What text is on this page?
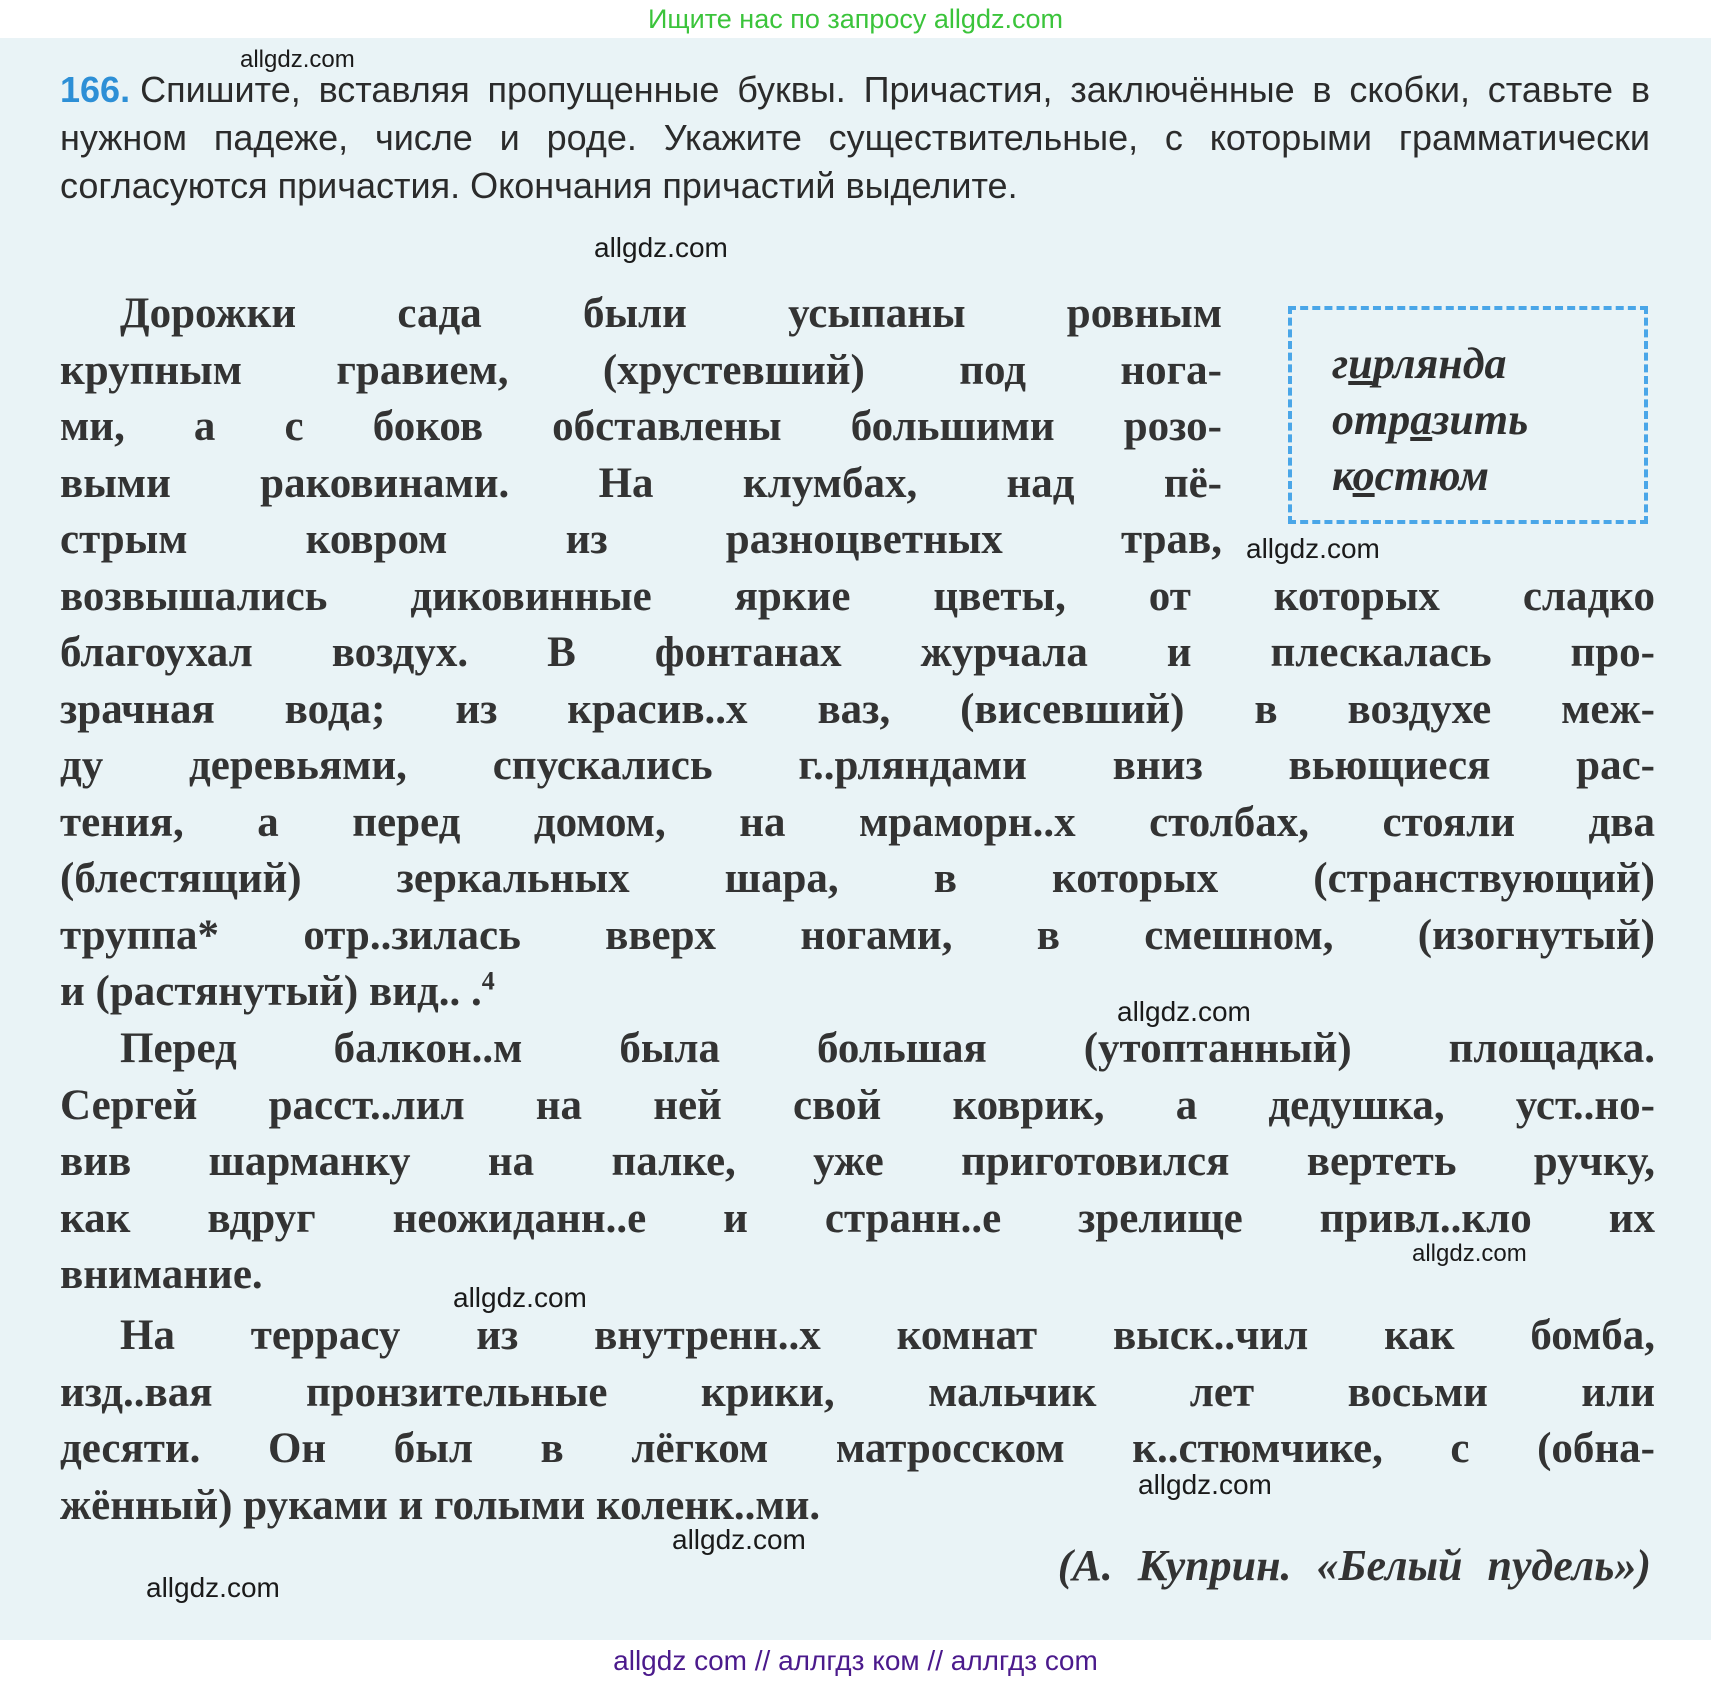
Ищите нас по запросу allgdz.com
166. Спишите, вставляя пропущенные буквы. Причастия, заключённые в скобки, ставьте в нужном падеже, числе и роде. Укажите существительные, с которыми грамматически согласуются причастия. Окончания причастий выделите.
Дорожки сада были усыпаны ровным
крупным гравием, (хрустевший) под нога-
ми, а с боков обставлены большими розо-
выми раковинами. На клумбах, над пё-
стрым ковром из разноцветных трав,
возвышались диковинные яркие цветы, от которых сладко
благоухал воздух. В фонтанах журчала и плескалась про-
зрачная вода; из красив..х ваз, (висевший) в воздухе меж-
ду деревьями, спускались г..рляндами вниз вьющиеся рас-
тения, а перед домом, на мраморн..х столбах, стояли два
(блестящий) зеркальных шара, в которых (странствующий)
труппа* отр..зилась вверх ногами, в смешном, (изогнутый)
и (растянутый) вид.. .$^4$
гирлянда
отразить
костюм
Перед балкон..м была большая (утоптанный) площадка.
Сергей расст..лил на ней свой коврик, а дедушка, уст..но-
вив шарманку на палке, уже приготовился вертеть ручку,
как вдруг неожиданн..е и странн..е зрелище привл..кло их
внимание.
На террасу из внутренн..х комнат выск..чил как бомба,
изд..вая пронзительные крики, мальчик лет восьми или
десяти. Он был в лёгком матросском к..стюмчике, с (обна-
жённый) руками и голыми коленк..ми.
(А. Куприн. «Белый пудель»)
allgdz.com
allgdz.com
allgdz.com
allgdz.com
allgdz.com
allgdz.com
allgdz.com
allgdz.com
allgdz.com
allgdz com // аллгдз ком // аллгдз com
